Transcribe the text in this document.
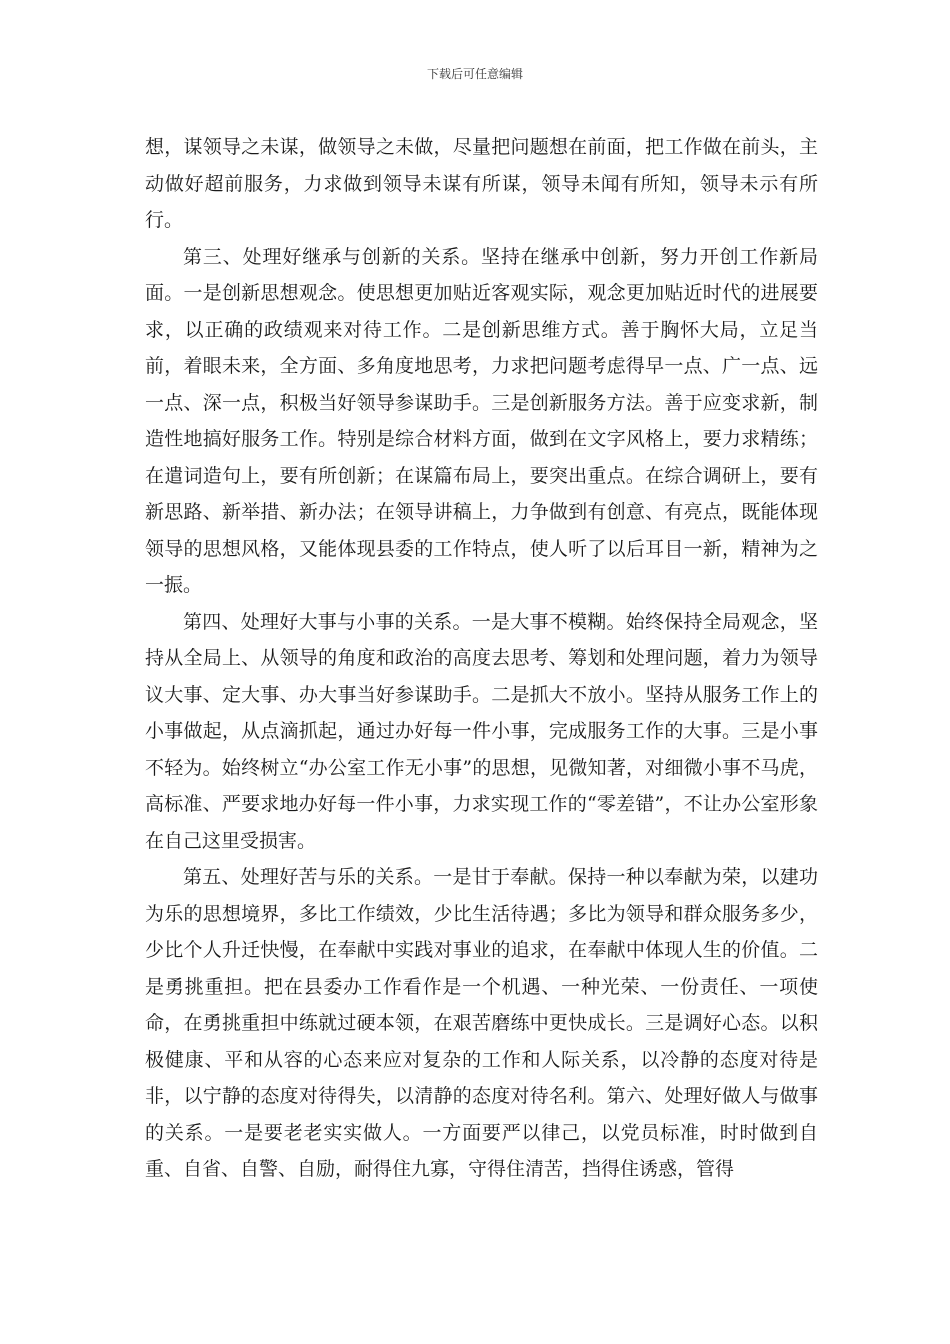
下载后可任意编辑

想，谋领导之未谋，做领导之未做，尽量把问题想在前面，把工作做在前头，主动做好超前服务，力求做到领导未谋有所谋，领导未闻有所知，领导未示有所行。

第三、处理好继承与创新的关系。坚持在继承中创新，努力开创工作新局面。一是创新思想观念。使思想更加贴近客观实际，观念更加贴近时代的进展要求，以正确的政绩观来对待工作。二是创新思维方式。善于胸怀大局，立足当前，着眼未来，全方面、多角度地思考，力求把问题考虑得早一点、广一点、远一点、深一点，积极当好领导参谋助手。三是创新服务方法。善于应变求新，制造性地搞好服务工作。特别是综合材料方面，做到在文字风格上，要力求精练；在遣词造句上，要有所创新；在谋篇布局上，要突出重点。在综合调研上，要有新思路、新举措、新办法；在领导讲稿上，力争做到有创意、有亮点，既能体现领导的思想风格，又能体现县委的工作特点，使人听了以后耳目一新，精神为之一振。

第四、处理好大事与小事的关系。一是大事不模糊。始终保持全局观念，坚持从全局上、从领导的角度和政治的高度去思考、筹划和处理问题，着力为领导议大事、定大事、办大事当好参谋助手。二是抓大不放小。坚持从服务工作上的小事做起，从点滴抓起，通过办好每一件小事，完成服务工作的大事。三是小事不轻为。始终树立“办公室工作无小事”的思想，见微知著，对细微小事不马虎，高标准、严要求地办好每一件小事，力求实现工作的“零差错”，不让办公室形象在自己这里受损害。

第五、处理好苦与乐的关系。一是甘于奉献。保持一种以奉献为荣，以建功为乐的思想境界，多比工作绩效，少比生活待遇；多比为领导和群众服务多少，少比个人升迁快慢，在奉献中实践对事业的追求，在奉献中体现人生的价值。二是勇挑重担。把在县委办工作看作是一个机遇、一种光荣、一份责任、一项使命，在勇挑重担中练就过硬本领，在艰苦磨练中更快成长。三是调好心态。以积极健康、平和从容的心态来应对复杂的工作和人际关系，以冷静的态度对待是非，以宁静的态度对待得失，以清静的态度对待名利。第六、处理好做人与做事的关系。一是要老老实实做人。一方面要严以律己，以党员标准，时时做到自重、自省、自警、自励，耐得住九寡，守得住清苦，挡得住诱惑，管得
